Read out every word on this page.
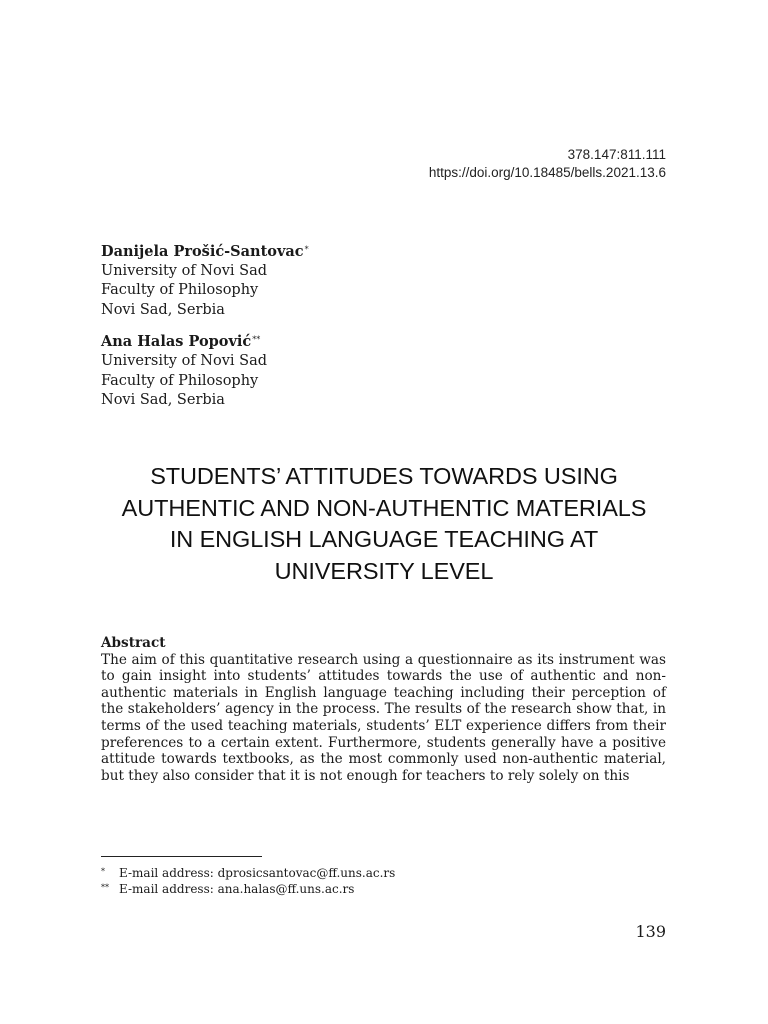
378.147:811.111
https://doi.org/10.18485/bells.2021.13.6
Danijela Prošić-Santovac*
University of Novi Sad
Faculty of Philosophy
Novi Sad, Serbia
Ana Halas Popović**
University of Novi Sad
Faculty of Philosophy
Novi Sad, Serbia
STUDENTS’ ATTITUDES TOWARDS USING
AUTHENTIC AND NON-AUTHENTIC MATERIALS
IN ENGLISH LANGUAGE TEACHING AT
UNIVERSITY LEVEL
Abstract

The aim of this quantitative research using a questionnaire as its instrument was to gain insight into students’ attitudes towards the use of authentic and non-authentic materials in English language teaching including their perception of the stakeholders’ agency in the process. The results of the research show that, in terms of the used teaching materials, students’ ELT experience differs from their preferences to a certain extent. Furthermore, students generally have a positive attitude towards textbooks, as the most commonly used non-authentic material, but they also consider that it is not enough for teachers to rely solely on this

*	E-mail address: dprosicsantovac@ff.uns.ac.rs
** E-mail address: ana.halas@ff.uns.ac.rs
139
